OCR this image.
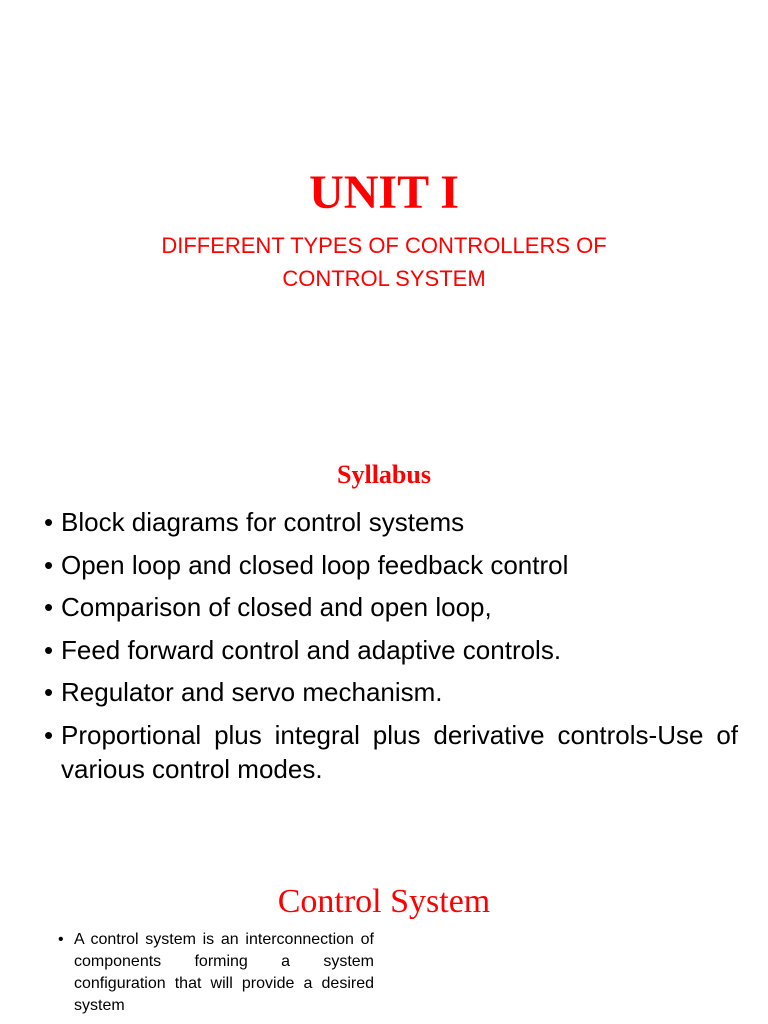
UNIT I
DIFFERENT TYPES OF CONTROLLERS OF CONTROL SYSTEM
Syllabus
• Block diagrams for control systems
• Open loop and closed loop feedback control
• Comparison of closed and open loop,
• Feed forward control and adaptive controls.
• Regulator and servo mechanism.
• Proportional plus integral plus derivative controls-Use of various control modes.
Control System
• A control system is an interconnection of components forming a system configuration that will provide a desired system
